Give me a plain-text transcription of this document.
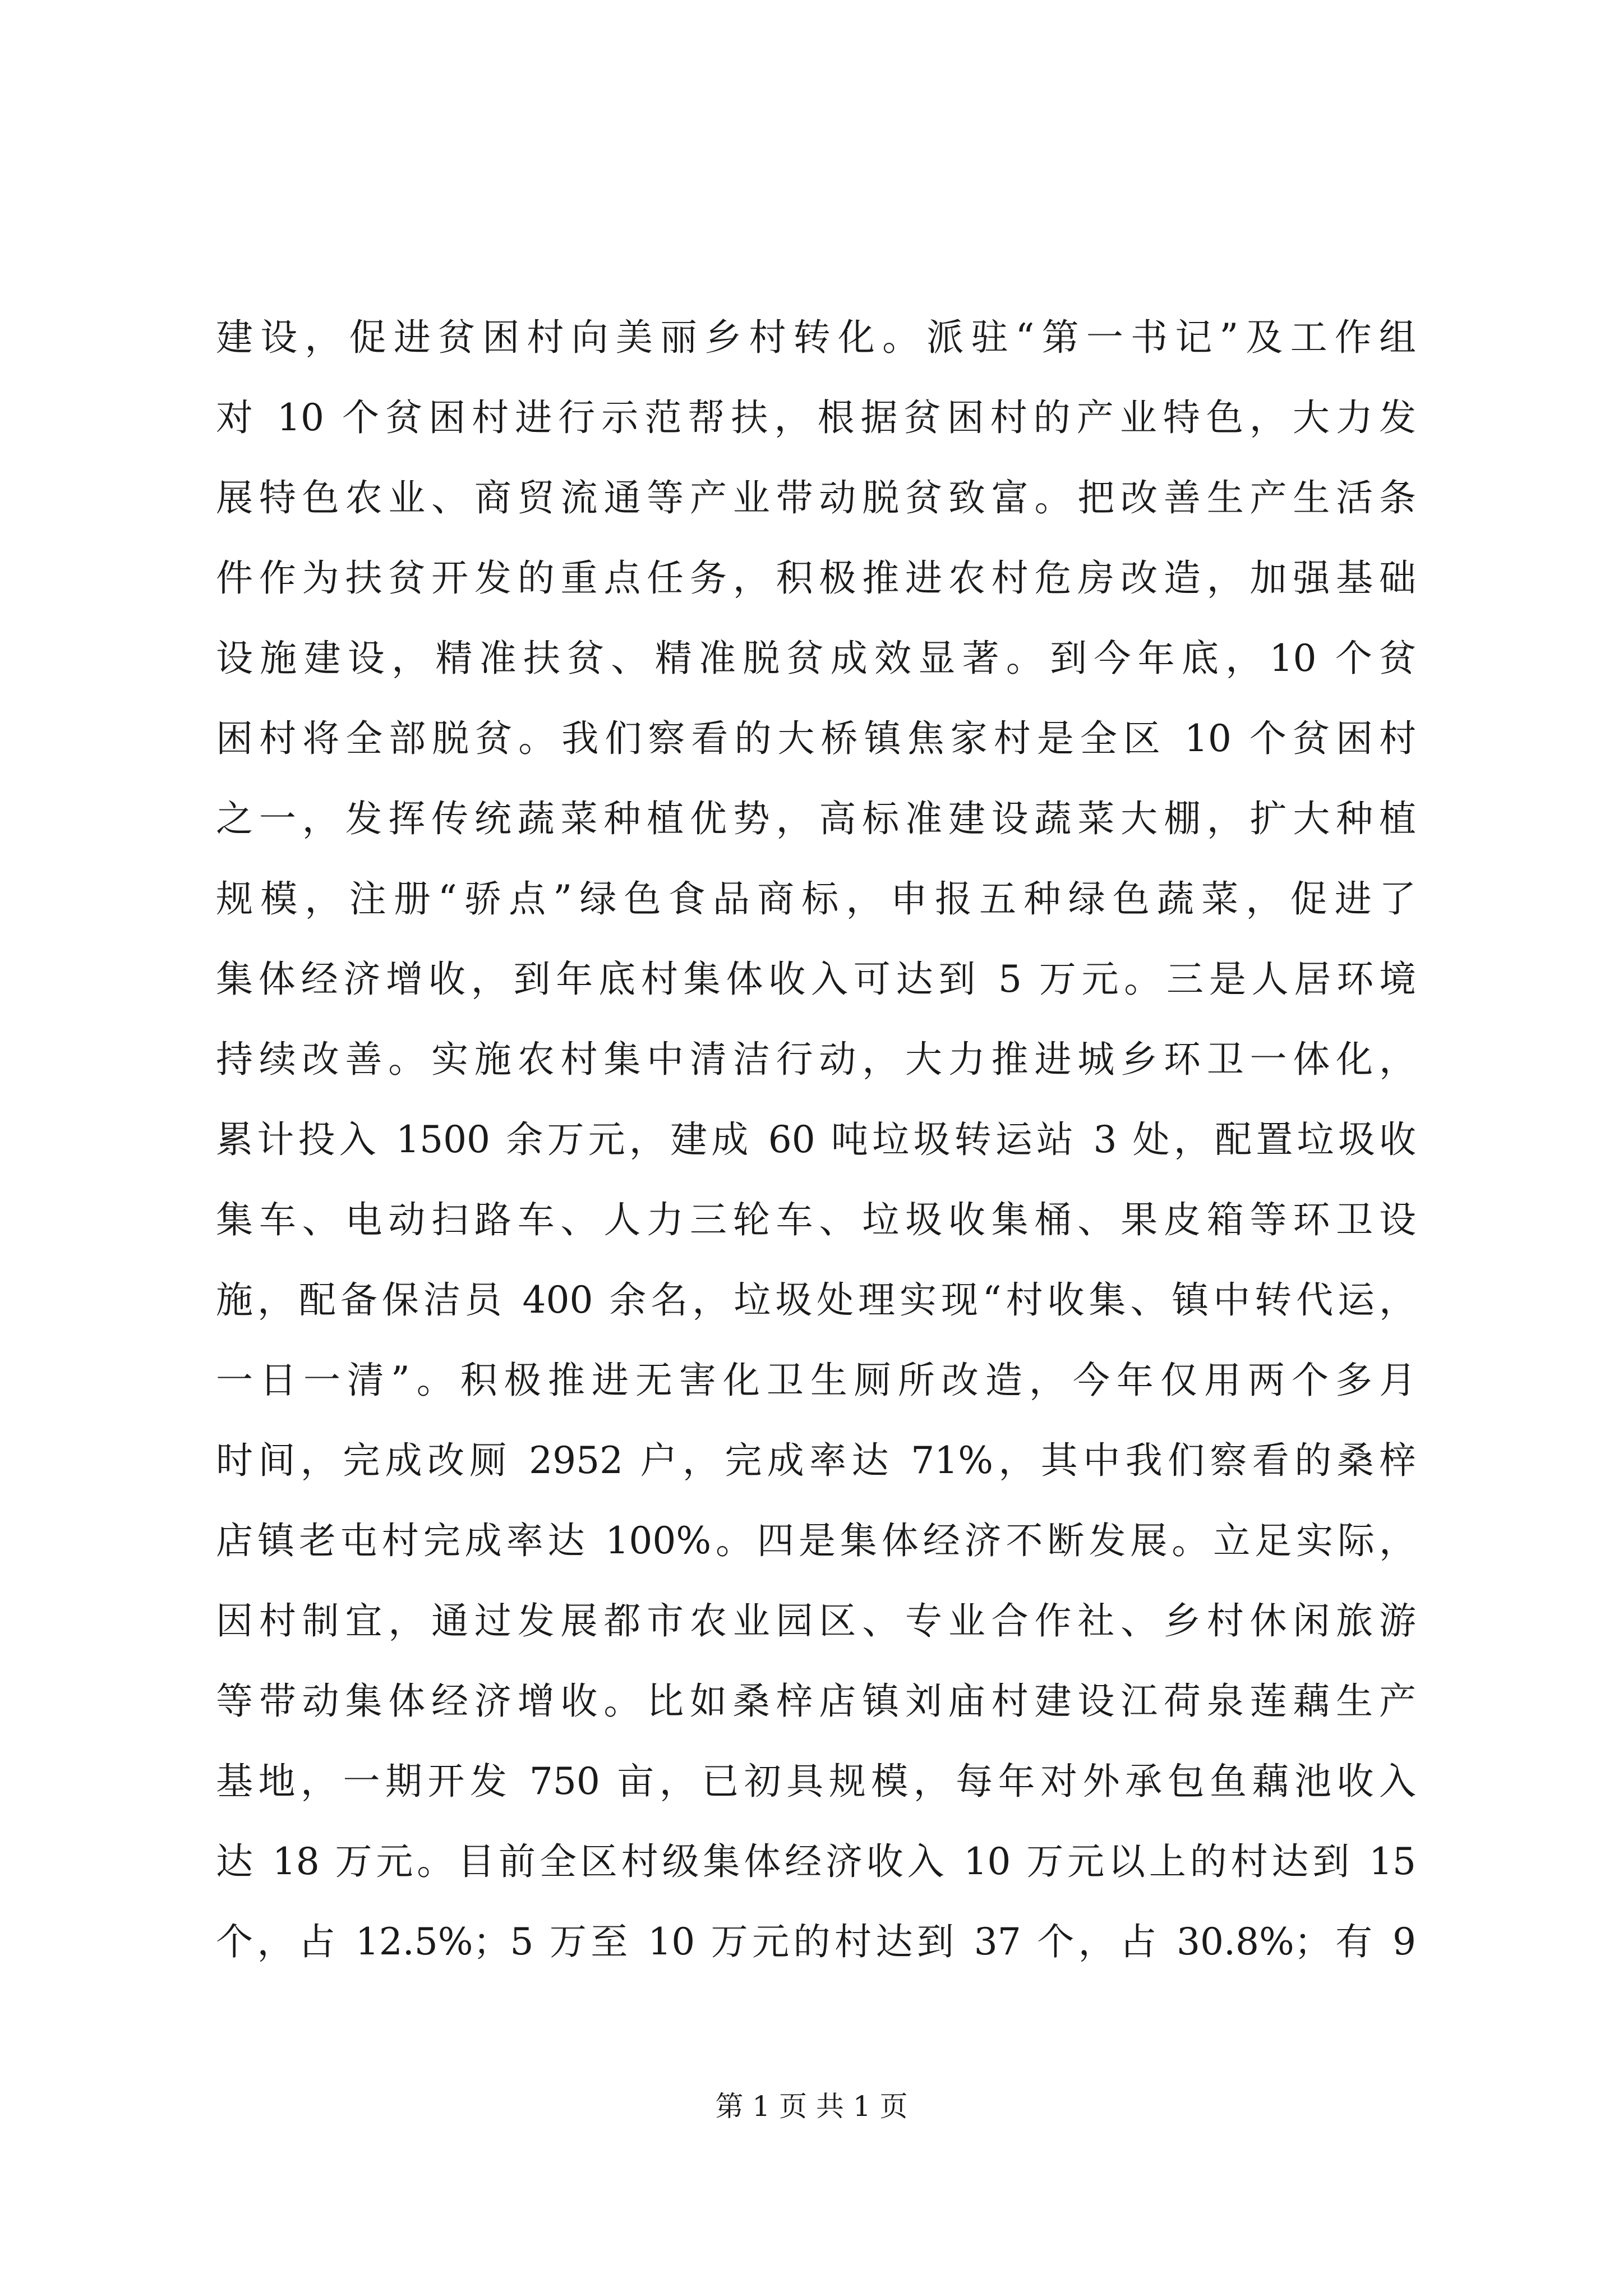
建设，促进贫困村向美丽乡村转化。派驻“第一书记”及工作组
对 10 个贫困村进行示范帮扶，根据贫困村的产业特色，大力发
展特色农业、商贸流通等产业带动脱贫致富。把改善生产生活条
件作为扶贫开发的重点任务，积极推进农村危房改造，加强基础
设施建设，精准扶贫、精准脱贫成效显著。到今年底，10 个贫
困村将全部脱贫。我们察看的大桥镇焦家村是全区 10 个贫困村
之一，发挥传统蔬菜种植优势，高标准建设蔬菜大棚，扩大种植
规模，注册“骄点”绿色食品商标，申报五种绿色蔬菜，促进了
集体经济增收，到年底村集体收入可达到 5 万元。三是人居环境
持续改善。实施农村集中清洁行动，大力推进城乡环卫一体化，
累计投入 1500 余万元，建成 60 吨垃圾转运站 3 处，配置垃圾收
集车、电动扫路车、人力三轮车、垃圾收集桶、果皮箱等环卫设
施，配备保洁员 400 余名，垃圾处理实现“村收集、镇中转代运，
一日一清”。积极推进无害化卫生厕所改造，今年仅用两个多月
时间，完成改厕 2952 户，完成率达 71%，其中我们察看的桑梓
店镇老屯村完成率达 100%。四是集体经济不断发展。立足实际，
因村制宜，通过发展都市农业园区、专业合作社、乡村休闲旅游
等带动集体经济增收。比如桑梓店镇刘庙村建设江荷泉莲藕生产
基地，一期开发 750 亩，已初具规模，每年对外承包鱼藕池收入
达 18 万元。目前全区村级集体经济收入 10 万元以上的村达到 15
个，占 12.5%；5 万至 10 万元的村达到 37 个，占 30.8%；有 9
第 1 页 共 1 页
